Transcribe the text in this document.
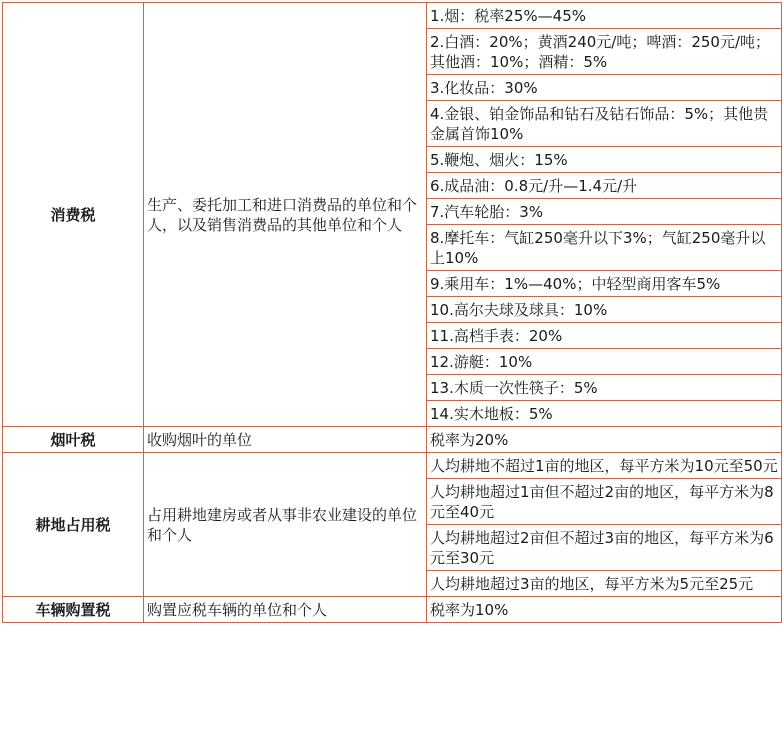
消费税	生产、委托加工和进口消费品的单位和个人，以及销售消费品的其他单位和个人	1.烟：税率25%—45%
		2.白酒：20%；黄酒240元/吨；啤酒：250元/吨；其他酒：10%；酒精：5%
		3.化妆品：30%
		4.金银、铂金饰品和钻石及钻石饰品：5%；其他贵金属首饰10%
		5.鞭炮、烟火：15%
		6.成品油：0.8元/升—1.4元/升
		7.汽车轮胎：3%
		8.摩托车：气缸250毫升以下3%；气缸250毫升以上10%
		9.乘用车：1%—40%；中轻型商用客车5%
		10.高尔夫球及球具：10%
		11.高档手表：20%
		12.游艇：10%
		13.木质一次性筷子：5%
		14.实木地板：5%
烟叶税	收购烟叶的单位	税率为20%
耕地占用税	占用耕地建房或者从事非农业建设的单位和个人	人均耕地不超过1亩的地区，每平方米为10元至50元
		人均耕地超过1亩但不超过2亩的地区，每平方米为8元至40元
		人均耕地超过2亩但不超过3亩的地区，每平方米为6元至30元
		人均耕地超过3亩的地区，每平方米为5元至25元
车辆购置税	购置应税车辆的单位和个人	税率为10%
